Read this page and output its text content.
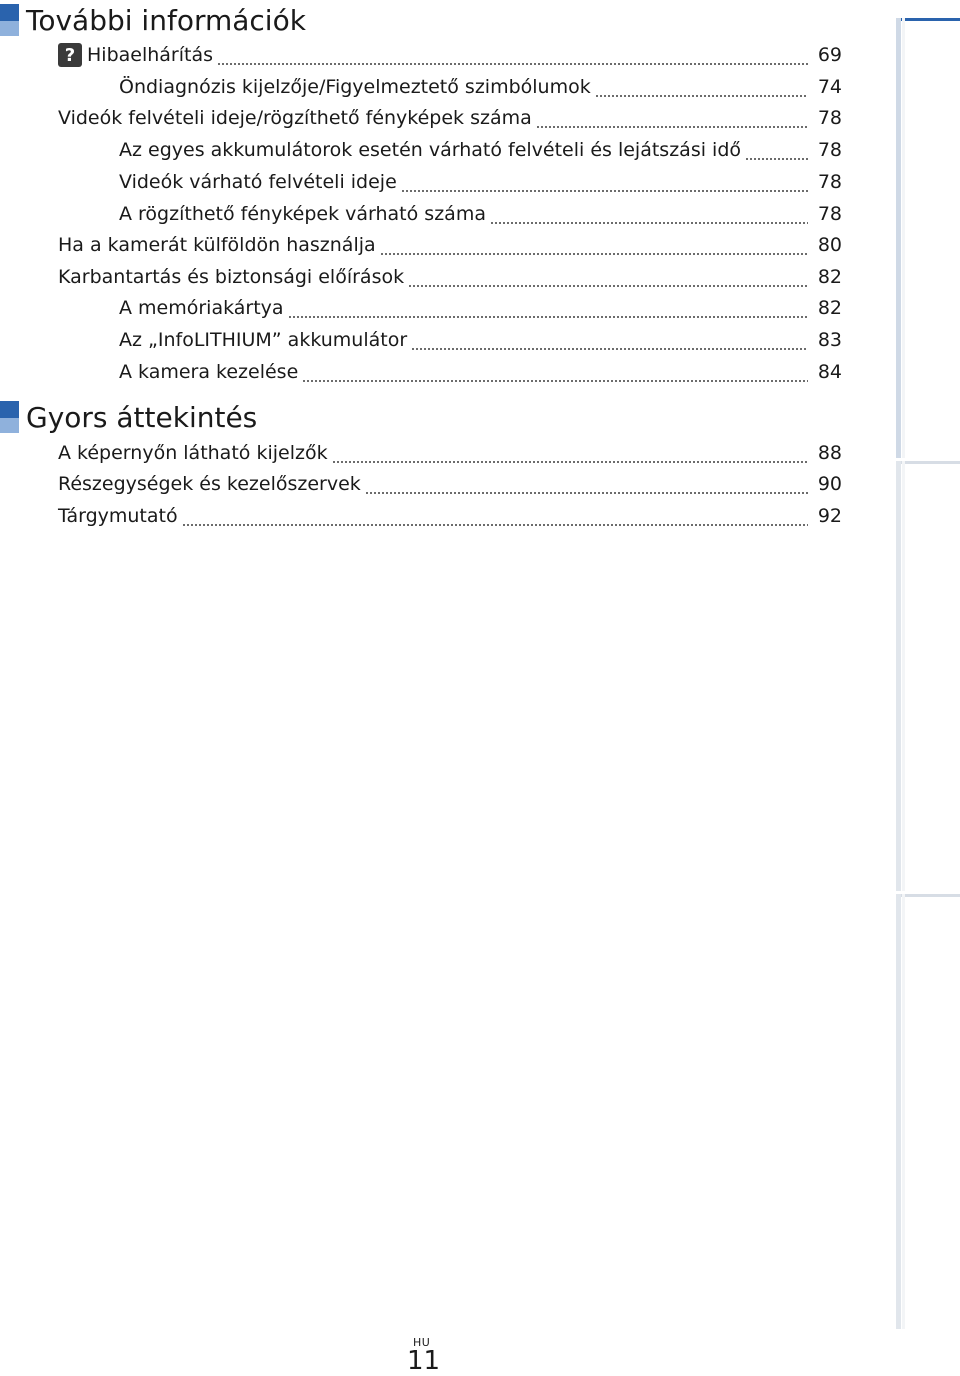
További információk
? Hibaelhárítás	69
Öndiagnózis kijelzője/Figyelmeztető szimbólumok	74
Videók felvételi ideje/rögzíthető fényképek száma	78
Az egyes akkumulátorok esetén várható felvételi és lejátszási idő	78
Videók várható felvételi ideje	78
A rögzíthető fényképek várható száma	78
Ha a kamerát külföldön használja	80
Karbantartás és biztonsági előírások	82
A memóriakártya	82
Az „InfoLITHIUM” akkumulátor	83
A kamera kezelése	84
Gyors áttekintés
A képernyőn látható kijelzők	88
Részegységek és kezelőszervek	90
Tárgymutató	92
HU
11
